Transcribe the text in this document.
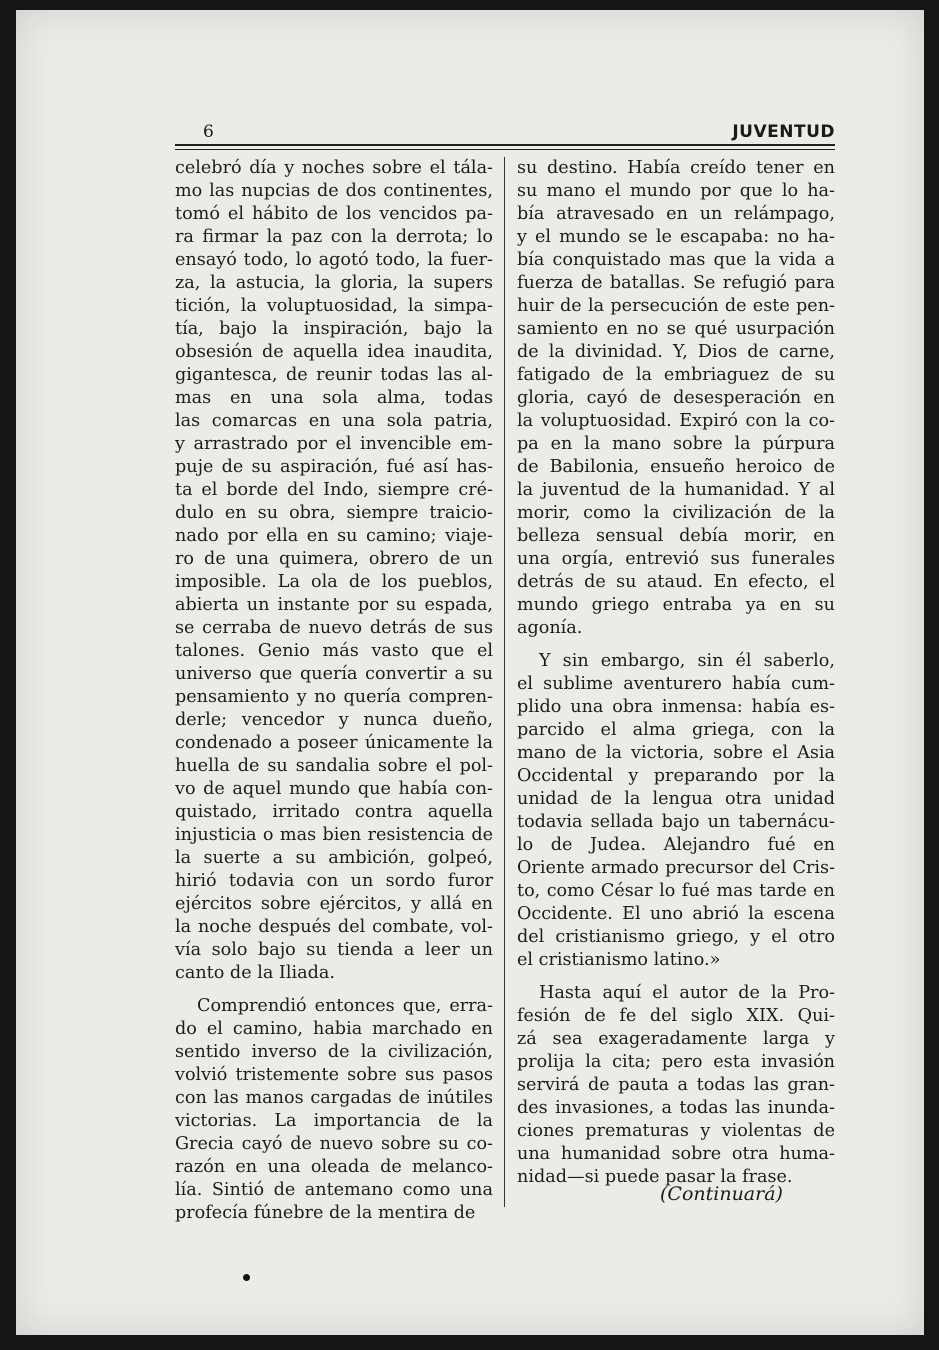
6	JUVENTUD
celebró día y noches sobre el tála-
mo las nupcias de dos continentes,
tomó el hábito de los vencidos pa-
ra firmar la paz con la derrota; lo
ensayó todo, lo agotó todo, la fuer-
za, la astucia, la gloria, la supers
tición, la voluptuosidad, la simpa-
tía, bajo la inspiración, bajo la
obsesión de aquella idea inaudita,
gigantesca, de reunir todas las al-
mas en una sola alma, todas
las comarcas en una sola patria,
y arrastrado por el invencible em-
puje de su aspiración, fué así has-
ta el borde del Indo, siempre cré-
dulo en su obra, siempre traicio-
nado por ella en su camino; viaje-
ro de una quimera, obrero de un
imposible. La ola de los pueblos,
abierta un instante por su espada,
se cerraba de nuevo detrás de sus
talones. Genio más vasto que el
universo que quería convertir a su
pensamiento y no quería compren-
derle; vencedor y nunca dueño,
condenado a poseer únicamente la
huella de su sandalia sobre el pol-
vo de aquel mundo que había con-
quistado, irritado contra aquella
injusticia o mas bien resistencia de
la suerte a su ambición, golpeó,
hirió todavia con un sordo furor
ejércitos sobre ejércitos, y allá en
la noche después del combate, vol-
vía solo bajo su tienda a leer un
canto de la Iliada.
Comprendió entonces que, erra-
do el camino, habia marchado en
sentido inverso de la civilización,
volvió tristemente sobre sus pasos
con las manos cargadas de inútiles
victorias. La importancia de la
Grecia cayó de nuevo sobre su co-
razón en una oleada de melanco-
lía. Sintió de antemano como una
profecía fúnebre de la mentira de
su destino. Había creído tener en
su mano el mundo por que lo ha-
bía atravesado en un relámpago,
y el mundo se le escapaba: no ha-
bía conquistado mas que la vida a
fuerza de batallas. Se refugió para
huir de la persecución de este pen-
samiento en no se qué usurpación
de la divinidad. Y, Dios de carne,
fatigado de la embriaguez de su
gloria, cayó de desesperación en
la voluptuosidad. Expiró con la co-
pa en la mano sobre la púrpura
de Babilonia, ensueño heroico de
la juventud de la humanidad. Y al
morir, como la civilización de la
belleza sensual debía morir, en
una orgía, entrevió sus funerales
detrás de su ataud. En efecto, el
mundo griego entraba ya en su
agonía.
Y sin embargo, sin él saberlo,
el sublime aventurero había cum-
plido una obra inmensa: había es-
parcido el alma griega, con la
mano de la victoria, sobre el Asia
Occidental y preparando por la
unidad de la lengua otra unidad
todavia sellada bajo un tabernácu-
lo de Judea. Alejandro fué en
Oriente armado precursor del Cris-
to, como César lo fué mas tarde en
Occidente. El uno abrió la escena
del cristianismo griego, y el otro
el cristianismo latino.»
Hasta aquí el autor de la Pro-
fesión de fe del siglo XIX. Qui-
zá sea exageradamente larga y
prolija la cita; pero esta invasión
servirá de pauta a todas las gran-
des invasiones, a todas las inunda-
ciones prematuras y violentas de
una humanidad sobre otra huma-
nidad—si puede pasar la frase.
(Continuará)
